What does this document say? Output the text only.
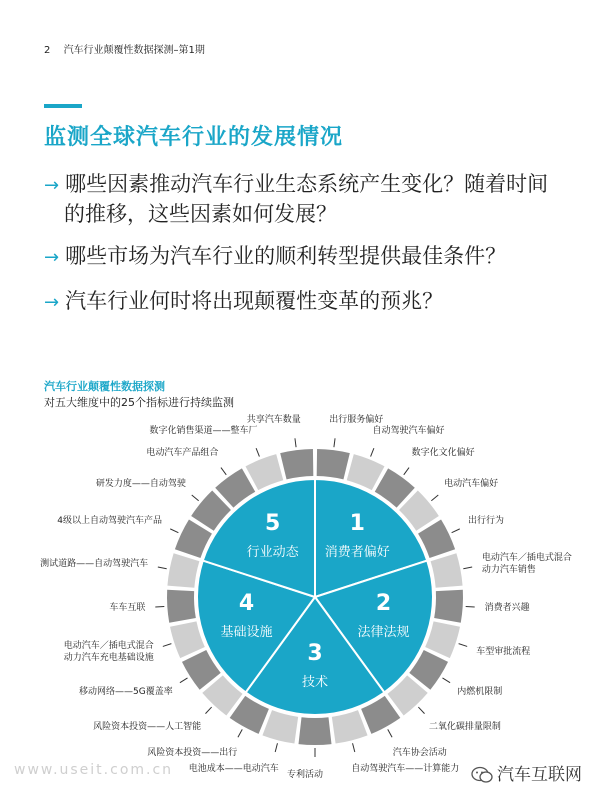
2 汽车行业颠覆性数据探测–第1期
监测全球汽车行业的发展情况
→ 哪些因素推动汽车行业生态系统产生变化？随着时间
的推移，这些因素如何发展？
→ 哪些市场为汽车行业的顺利转型提供最佳条件？
→ 汽车行业何时将出现颠覆性变革的预兆？
汽车行业颠覆性数据探测
对五大维度中的25个指标进行持续监测
出行服务偏好
自动驾驶汽车偏好
数字化文化偏好
电动汽车偏好
出行行为
电动汽车／插电式混合动力汽车销售
消费者兴趣
车型审批流程
内燃机限制
二氧化碳排量限制
汽车协会活动
自动驾驶汽车——计算能力
专利活动
电池成本——电动汽车
风险资本投资——出行
风险资本投资——人工智能
移动网络——5G覆盖率
电动汽车／插电式混合动力汽车充电基础设施
车车互联
测试道路——自动驾驶汽车
4级以上自动驾驶汽车产品
研发力度——自动驾驶
电动汽车产品组合
数字化销售渠道——整车厂
共享汽车数量
1
消费者偏好
2
法律法规
3
技术
4
基础设施
5
行业动态
www.useit.com.cn	汽车互联网
